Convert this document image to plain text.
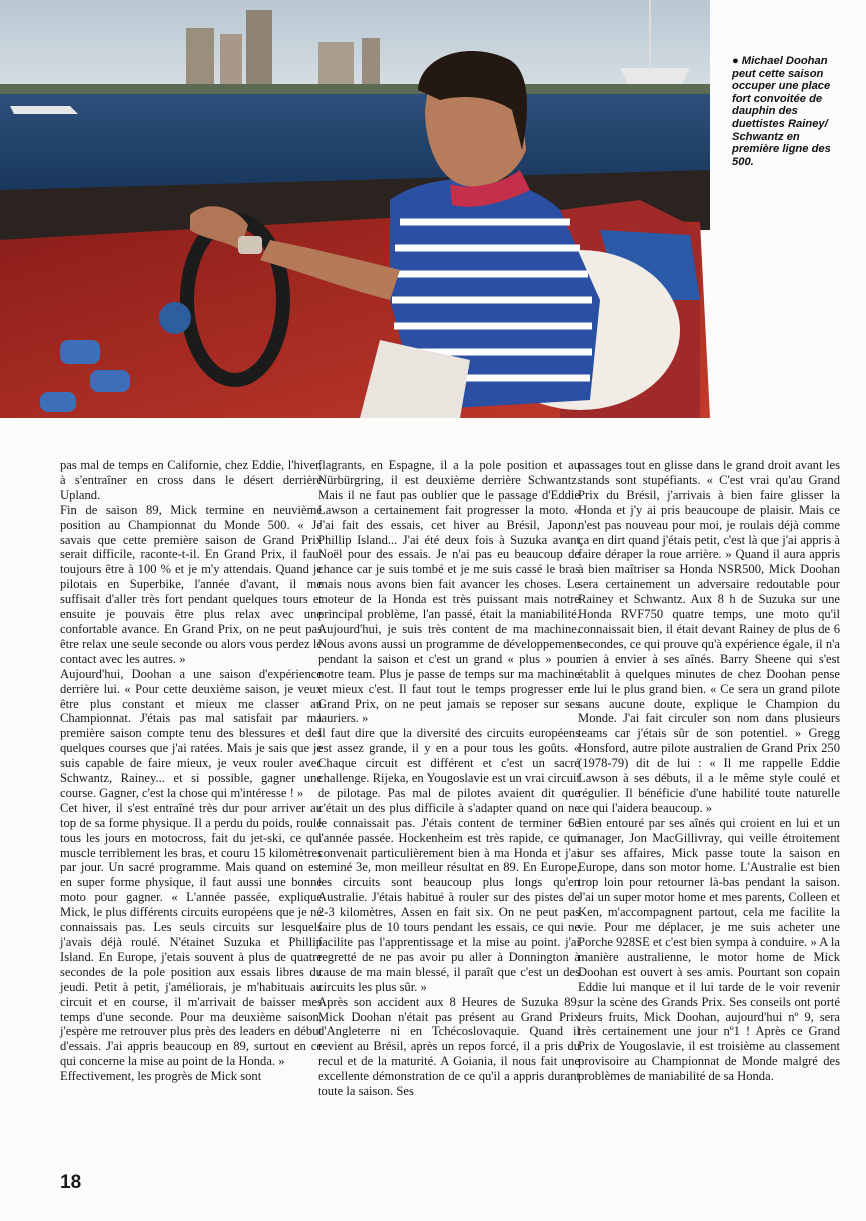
● Michael Doohan peut cette saison occuper une place fort convoitée de dauphin des duettistes Rainey/ Schwantz en première ligne des 500.

pas mal de temps en Californie, chez Eddie, l'hiver, à s'entraîner en cross dans le désert derrière Upland.

Fin de saison 89, Mick termine en neuvième position au Championnat du Monde 500. « Je savais que cette première saison de Grand Prix serait difficile, raconte-t-il. En Grand Prix, il faut toujours être à 100 % et je m'y attendais. Quand je pilotais en Superbike, l'année d'avant, il me suffisait d'aller très fort pendant quelques tours et ensuite je pouvais être plus relax avec une confortable avance. En Grand Prix, on ne peut pas être relax une seule seconde ou alors vous perdez le contact avec les autres. »

Aujourd'hui, Doohan a une saison d'expérience derrière lui. « Pour cette deuxième saison, je veux être plus constant et mieux me classer au Championnat. J'étais pas mal satisfait par ma première saison compte tenu des blessures et des quelques courses que j'ai ratées. Mais je sais que je suis capable de faire mieux, je veux rouler avec Schwantz, Rainey... et si possible, gagner une course. Gagner, c'est la chose qui m'intéresse ! »

Cet hiver, il s'est entraîné très dur pour arriver au top de sa forme physique. Il a perdu du poids, roulé tous les jours en motocross, fait du jet-ski, ce qui muscle terriblement les bras, et couru 15 kilomètres par jour. Un sacré programme. Mais quand on est en super forme physique, il faut aussi une bonne moto pour gagner. « L'année passée, explique Mick, le plus différents circuits européens que je ne connaissais pas. Les seuls circuits sur lesquels j'avais déjà roulé. N'étainet Suzuka et Phillip Island. En Europe, j'etais souvent à plus de quatre secondes de la pole position aux essais libres du jeudi. Petit à petit, j'améliorais, je m'habituais au circuit et en course, il m'arrivait de baisser mes temps d'une seconde. Pour ma deuxième saison, j'espère me retrouver plus près des leaders en début d'essais. J'ai appris beaucoup en 89, surtout en ce qui concerne la mise au point de la Honda. »

Effectivement, les progrès de Mick sont

flagrants, en Espagne, il a la pole position et au Nürbürgring, il est deuxième derrière Schwantz. Mais il ne faut pas oublier que le passage d'Eddie Lawson a certainement fait progresser la moto. « J'ai fait des essais, cet hiver au Brésil, Japon, Phillip Island... J'ai été deux fois à Suzuka avant Noël pour des essais. Je n'ai pas eu beaucoup de chance car je suis tombé et je me suis cassé le bras mais nous avons bien fait avancer les choses. Le moteur de la Honda est très puissant mais notre principal problème, l'an passé, était la maniabilité. Aujourd'hui, je suis très content de ma machine. Nous avons aussi un programme de développement pendant la saison et c'est un grand « plus » pour notre team. Plus je passe de temps sur ma machine et mieux c'est. Il faut tout le temps progresser en Grand Prix, on ne peut jamais se reposer sur ses lauriers. »

Il faut dire que la diversité des circuits européens est assez grande, il y en a pour tous les goûts. « Chaque circuit est différent et c'est un sacré challenge. Rijeka, en Yougoslavie est un vrai circuit de pilotage. Pas mal de pilotes avaient dit que c'était un des plus difficile à s'adapter quand on ne le connaissait pas. J'étais content de terminer 6e l'année passée. Hockenheim est très rapide, ce qui convenait particulièrement bien à ma Honda et j'ai teminé 3e, mon meilleur résultat en 89. En Europe, les circuits sont beaucoup plus longs qu'en Australie. J'étais habitué à rouler sur des pistes de 2-3 kilomètres, Assen en fait six. On ne peut pas faire plus de 10 tours pendant les essais, ce qui ne facilite pas l'apprentissage et la mise au point. j'ai regretté de ne pas avoir pu aller à Donnington à cause de ma main blessé, il paraît que c'est un des circuits les plus sûr. »

Après son accident aux 8 Heures de Suzuka 89, Mick Doohan n'était pas présent au Grand Prix d'Angleterre ni en Tchécoslovaquie. Quand il revient au Brésil, après un repos forcé, il a pris du recul et de la maturité. A Goiania, il nous fait une excellente démonstration de ce qu'il a appris durant toute la saison. Ses

passages tout en glisse dans le grand droit avant les stands sont stupéfiants. « C'est vrai qu'au Grand Prix du Brésil, j'arrivais à bien faire glisser la Honda et j'y ai pris beaucoupe de plaisir. Mais ce n'est pas nouveau pour moi, je roulais déjà comme ça en dirt quand j'étais petit, c'est là que j'ai appris à faire déraper la roue arrière. » Quand il aura appris à bien maîtriser sa Honda NSR500, Mick Doohan sera certainement un adversaire redoutable pour Rainey et Schwantz. Aux 8 h de Suzuka sur une Honda RVF750 quatre temps, une moto qu'il connaissait bien, il était devant Rainey de plus de 6 secondes, ce qui prouve qu'à expérience égale, il n'a rien à envier à ses aînés. Barry Sheene qui s'est établit à quelques minutes de chez Doohan pense de lui le plus grand bien. « Ce sera un grand pilote sans aucune doute, explique le Champion du Monde. J'ai fait circuler son nom dans plusieurs teams car j'étais sûr de son potentiel. » Gregg Honsford, autre pilote australien de Grand Prix 250 (1978-79) dit de lui : « Il me rappelle Eddie Lawson à ses débuts, il a le même style coulé et régulier. Il bénéficie d'une habilité toute naturelle ce qui l'aidera beaucoup. »

Bien entouré par ses aînés qui croient en lui et un manager, Jon MacGillivray, qui veille étroitement sur ses affaires, Mick passe toute la saison en Europe, dans son motor home. L'Australie est bien trop loin pour retourner là-bas pendant la saison. J'ai un super motor home et mes parents, Colleen et Ken, m'accompagnent partout, cela me facilite la vie. Pour me déplacer, je me suis acheter une Porche 928SE et c'est bien sympa à conduire. » A la manière australienne, le motor home de Mick Doohan est ouvert à ses amis. Pourtant son copain Eddie lui manque et il lui tarde de le voir revenir sur la scène des Grands Prix. Ses conseils ont porté leurs fruits, Mick Doohan, aujourd'hui nº 9, sera très certainement une jour nº1 ! Après ce Grand Prix de Yougoslavie, il est troisième au classement provisoire au Championnat de Monde malgré des problèmes de maniabilité de sa Honda.

18
